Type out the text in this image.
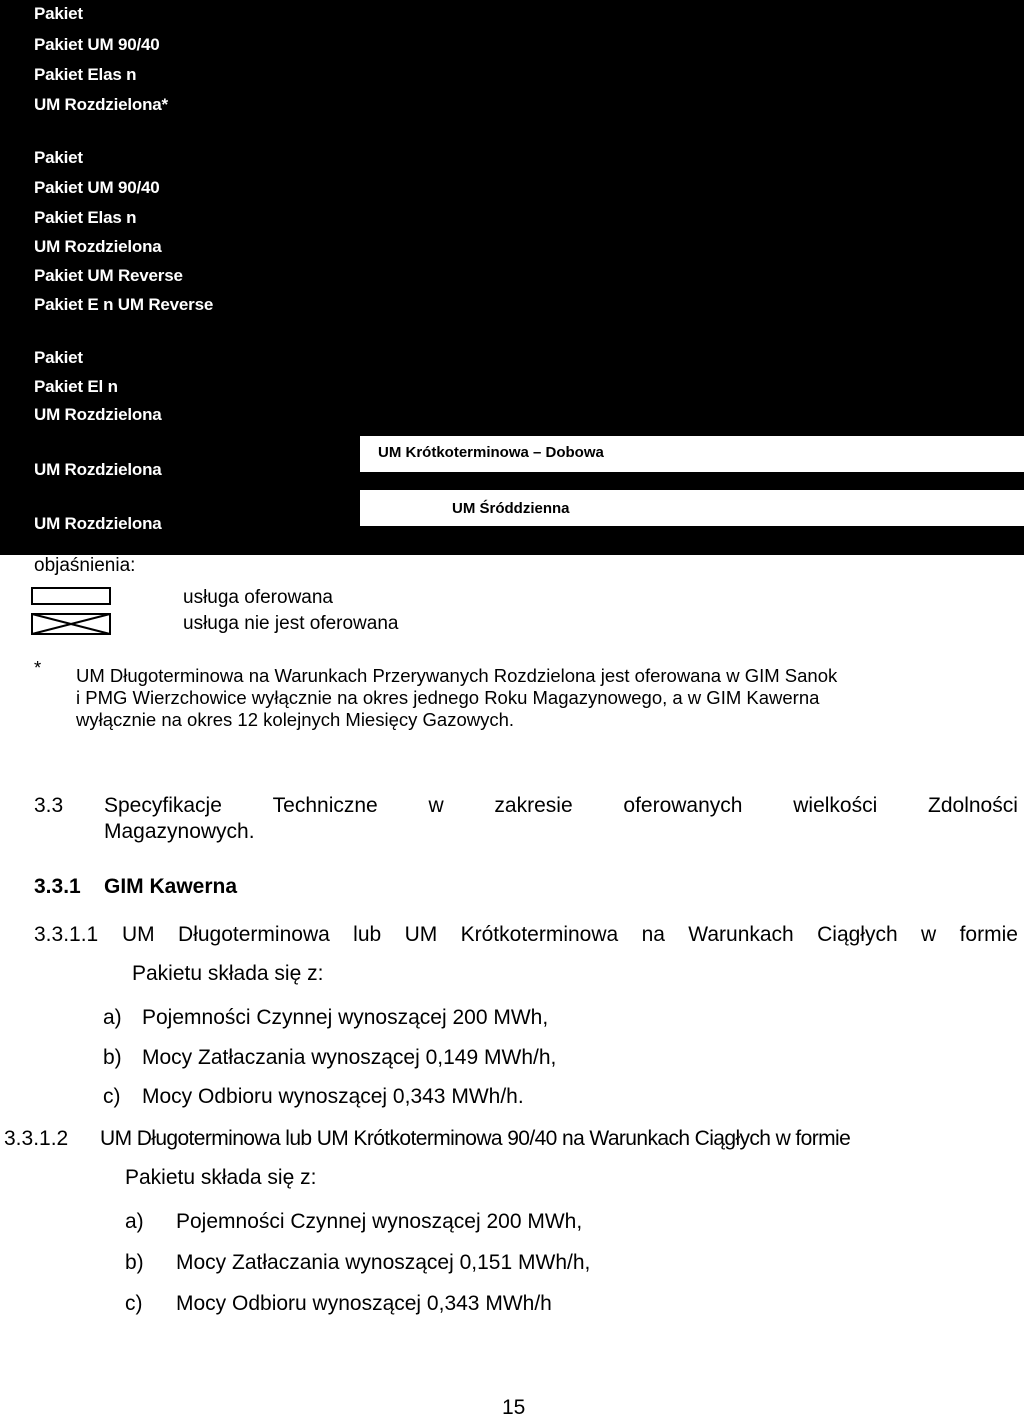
Pakiet
Pakiet UM 90/40
Pakiet Elas n
UM Rozdzielona*
Pakiet
Pakiet UM 90/40
Pakiet Elas n
UM Rozdzielona
Pakiet UM Reverse
Pakiet E n UM Reverse
Pakiet
Pakiet El n
UM Rozdzielona
UM Rozdzielona
UM Krótkoterminowa – Dobowa
UM Rozdzielona
UM Śróddzienna
objaśnienia:
usługa oferowana
usługa nie jest oferowana
* UM Długoterminowa na Warunkach Przerywanych Rozdzielona jest oferowana w GIM Sanok
i PMG Wierzchowice wyłącznie na okres jednego Roku Magazynowego, a w GIM Kawerna
wyłącznie na okres 12 kolejnych Miesięcy Gazowych.
3.3 Specyfikacje Techniczne w zakresie oferowanych wielkości Zdolności
Magazynowych.
3.3.1 GIM Kawerna
3.3.1.1 UM Długoterminowa lub UM Krótkoterminowa na Warunkach Ciągłych w formie
Pakietu składa się z:
a) Pojemności Czynnej wynoszącej 200 MWh,
b) Mocy Zatłaczania wynoszącej 0,149 MWh/h,
c) Mocy Odbioru wynoszącej 0,343 MWh/h.
3.3.1.2 UM Długoterminowa lub UM Krótkoterminowa 90/40 na Warunkach Ciągłych w formie
Pakietu składa się z:
a) Pojemności Czynnej wynoszącej 200 MWh,
b) Mocy Zatłaczania wynoszącej 0,151 MWh/h,
c) Mocy Odbioru wynoszącej 0,343 MWh/h
15
